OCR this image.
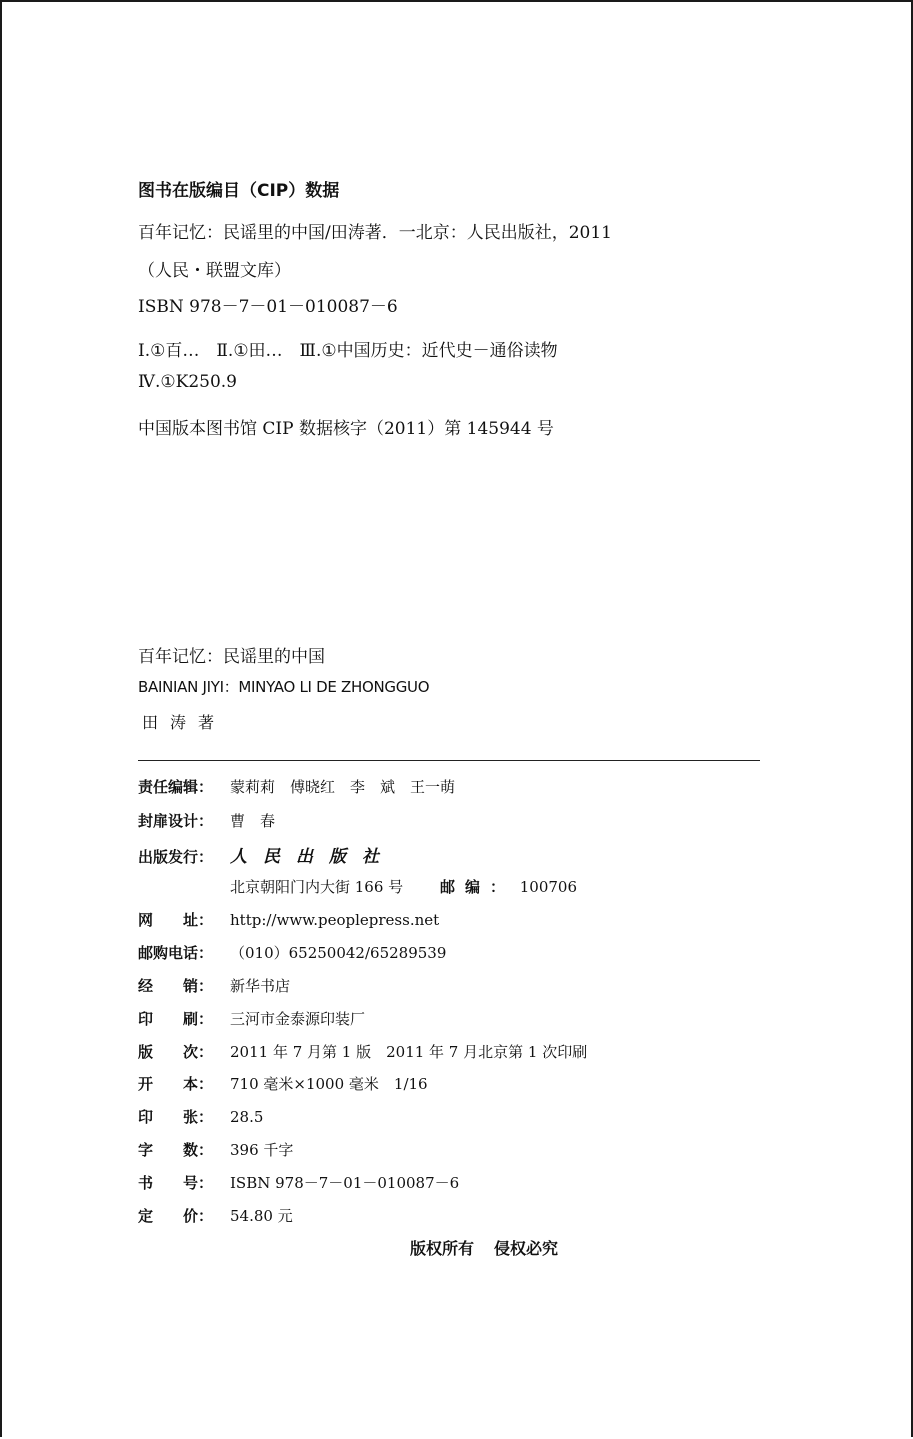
图书在版编目（CIP）数据
百年记忆：民谣里的中国/田涛著．一北京：人民出版社，2011
（人民・联盟文库）
ISBN 978－7－01－010087－6
Ⅰ.①百…　Ⅱ.①田…　Ⅲ.①中国历史：近代史－通俗读物
Ⅳ.①K250.9
中国版本图书馆 CIP 数据核字（2011）第 145944 号
百年记忆：民谣里的中国
BAINIAN JIYI：MINYAO LI DE ZHONGGUO
田涛著
责任编辑：	蒙莉莉　傅晓红　李　斌　王一萌
封扉设计：	曹　春
出版发行： 人民出版社
北京朝阳门内大街 166 号 邮编： 100706
网　　址：	http://www.peoplepress.net
邮购电话：	（010）65250042/65289539
经　　销：	新华书店
印　　刷：	三河市金泰源印装厂
版　　次：	2011 年 7 月第 1 版　2011 年 7 月北京第 1 次印刷
开　　本：	710 毫米×1000 毫米　1/16
印　　张：	28.5
字　　数：	396 千字
书　　号：	ISBN 978－7－01－010087－6
定　　价：	54.80 元
版权所有 侵权必究
